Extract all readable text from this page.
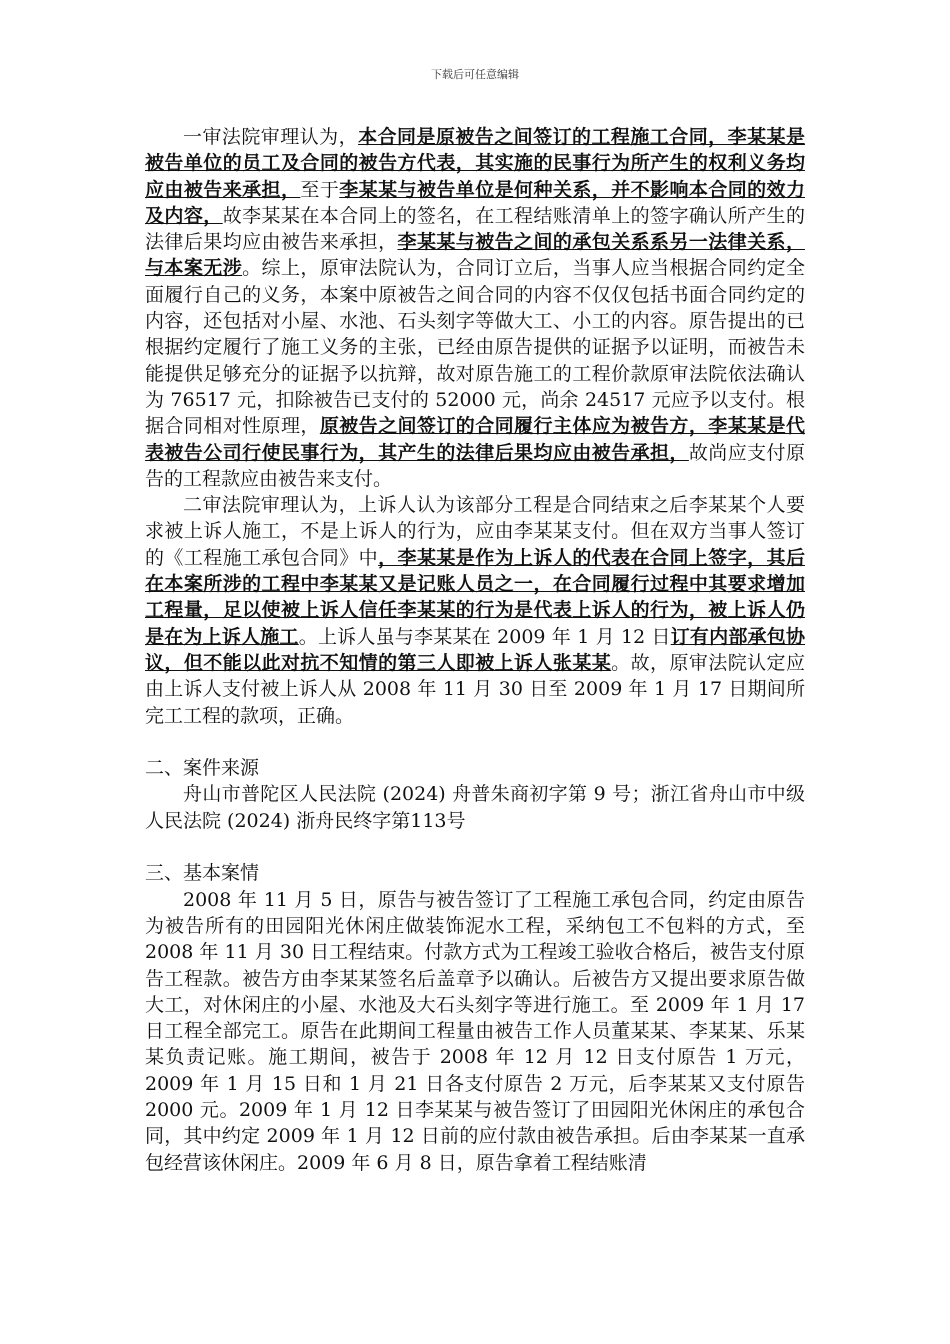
下载后可任意编辑

一审法院审理认为，本合同是原被告之间签订的工程施工合同，李某某是被告单位的员工及合同的被告方代表，其实施的民事行为所产生的权利义务均应由被告来承担，至于李某某与被告单位是何种关系，并不影响本合同的效力及内容，故李某某在本合同上的签名，在工程结账清单上的签字确认所产生的法律后果均应由被告来承担，李某某与被告之间的承包关系系另一法律关系，与本案无涉。综上，原审法院认为，合同订立后，当事人应当根据合同约定全面履行自己的义务，本案中原被告之间合同的内容不仅仅包括书面合同约定的内容，还包括对小屋、水池、石头刻字等做大工、小工的内容。原告提出的已根据约定履行了施工义务的主张，已经由原告提供的证据予以证明，而被告未能提供足够充分的证据予以抗辩，故对原告施工的工程价款原审法院依法确认为 76517 元，扣除被告已支付的 52000 元，尚余 24517 元应予以支付。根据合同相对性原理，原被告之间签订的合同履行主体应为被告方，李某某是代表被告公司行使民事行为，其产生的法律后果均应由被告承担，故尚应支付原告的工程款应由被告来支付。

二审法院审理认为，上诉人认为该部分工程是合同结束之后李某某个人要求被上诉人施工，不是上诉人的行为，应由李某某支付。但在双方当事人签订的《工程施工承包合同》中，李某某是作为上诉人的代表在合同上签字，其后在本案所涉的工程中李某某又是记账人员之一，在合同履行过程中其要求增加工程量，足以使被上诉人信任李某某的行为是代表上诉人的行为，被上诉人仍是在为上诉人施工。上诉人虽与李某某在 2009 年 1 月 12 日订有内部承包协议，但不能以此对抗不知情的第三人即被上诉人张某某。故，原审法院认定应由上诉人支付被上诉人从 2008 年 11 月 30 日至 2009 年 1 月 17 日期间所完工工程的款项，正确。

二、案件来源

舟山市普陀区人民法院 (2024) 舟普朱商初字第 9 号；浙江省舟山市中级人民法院 (2024) 浙舟民终字第113号

三、基本案情

2008 年 11 月 5 日，原告与被告签订了工程施工承包合同，约定由原告为被告所有的田园阳光休闲庄做装饰泥水工程，采纳包工不包料的方式，至 2008 年 11 月 30 日工程结束。付款方式为工程竣工验收合格后，被告支付原告工程款。被告方由李某某签名后盖章予以确认。后被告方又提出要求原告做大工，对休闲庄的小屋、水池及大石头刻字等进行施工。至 2009 年 1 月 17 日工程全部完工。原告在此期间工程量由被告工作人员董某某、李某某、乐某某负责记账。施工期间，被告于 2008 年 12 月 12 日支付原告 1 万元，2009 年 1 月 15 日和 1 月 21 日各支付原告 2 万元，后李某某又支付原告 2000 元。2009 年 1 月 12 日李某某与被告签订了田园阳光休闲庄的承包合同，其中约定 2009 年 1 月 12 日前的应付款由被告承担。后由李某某一直承包经营该休闲庄。2009 年 6 月 8 日，原告拿着工程结账清
